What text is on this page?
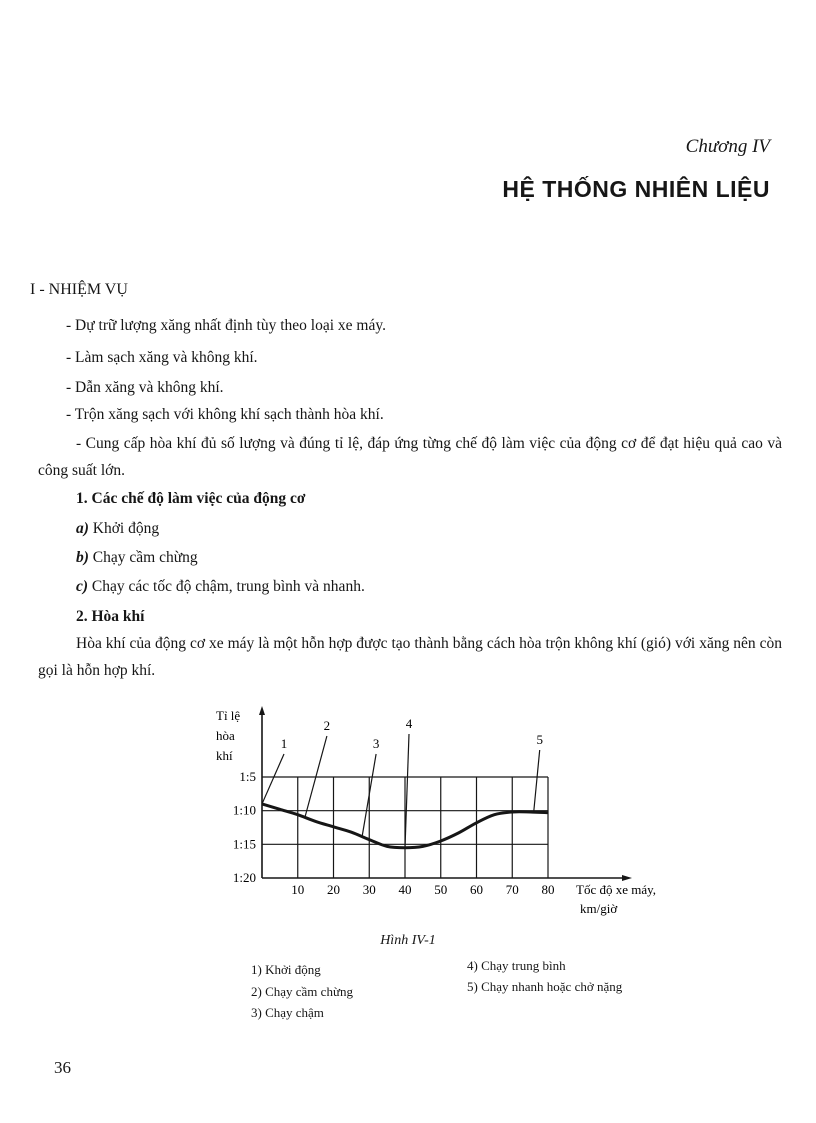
Chương IV
HỆ THỐNG NHIÊN LIỆU
I - NHIỆM VỤ
- Dự trữ lượng xăng nhất định tùy theo loại xe máy.
- Làm sạch xăng và không khí.
- Dẫn xăng và không khí.
- Trộn xăng sạch với không khí sạch thành hòa khí.
- Cung cấp hòa khí đủ số lượng và đúng tỉ lệ, đáp ứng từng chế độ làm việc của động cơ để đạt hiệu quả cao và công suất lớn.
1. Các chế độ làm việc của động cơ
a) Khởi động
b) Chạy cầm chừng
c) Chạy các tốc độ chậm, trung bình và nhanh.
2. Hòa khí
Hòa khí của động cơ xe máy là một hỗn hợp được tạo thành bằng cách hòa trộn không khí (gió) với xăng nên còn gọi là hỗn hợp khí.
Tỉ lệ
hòa
khí
1:5
1:10
1:15
1:20
10 20 30 40 50 60 70 80
1
2
3
4
5
Tốc độ xe máy,
km/giờ
Hình IV-1
1) Khởi động
2) Chạy cầm chừng
3) Chạy chậm
4) Chạy trung bình
5) Chạy nhanh hoặc chở nặng
36
